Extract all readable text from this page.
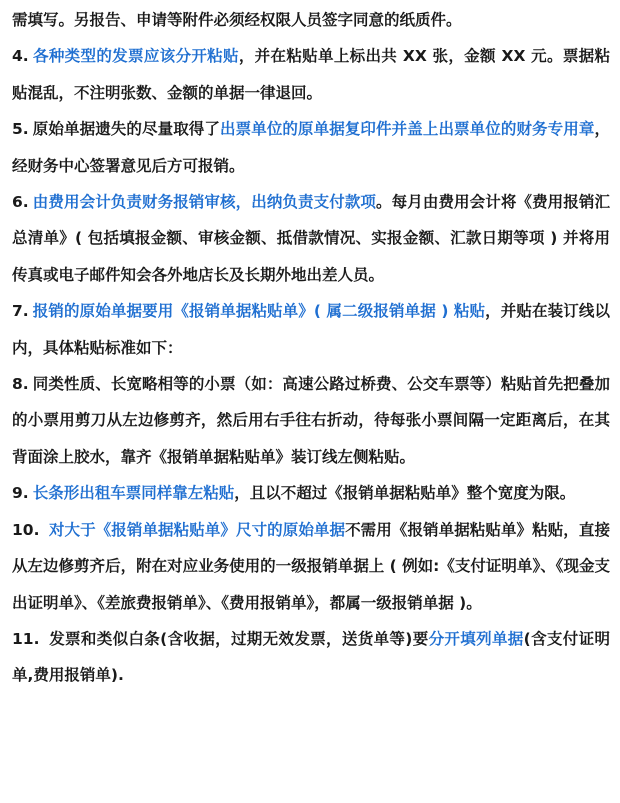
需填写。另报告、申请等附件必须经权限人员签字同意的纸质件。

4. 各种类型的发票应该分开粘贴，并在粘贴单上标出共 XX 张，金额 XX 元。票据粘贴混乱，不注明张数、金额的单据一律退回。

5. 原始单据遗失的尽量取得了出票单位的原单据复印件并盖上出票单位的财务专用章，经财务中心签署意见后方可报销。

6. 由费用会计负责财务报销审核，出纳负责支付款项。每月由费用会计将《费用报销汇总清单》( 包括填报金额、审核金额、抵借款情况、实报金额、汇款日期等项 ) 并将用传真或电子邮件知会各外地店长及长期外地出差人员。

7. 报销的原始单据要用《报销单据粘贴单》( 属二级报销单据 ) 粘贴，并贴在装订线以内，具体粘贴标准如下：

8. 同类性质、长宽略相等的小票（如：高速公路过桥费、公交车票等）粘贴首先把叠加的小票用剪刀从左边修剪齐，然后用右手往右折动，待每张小票间隔一定距离后，在其背面涂上胶水，靠齐《报销单据粘贴单》装订线左侧粘贴。

9. 长条形出租车票同样靠左粘贴，且以不超过《报销单据粘贴单》整个宽度为限。

10. 对大于《报销单据粘贴单》尺寸的原始单据不需用《报销单据粘贴单》粘贴，直接从左边修剪齐后，附在对应业务使用的一级报销单据上 ( 例如:《支付证明单》、《现金支出证明单》、《差旅费报销单》、《费用报销单》，都属一级报销单据 )。

11. 发票和类似白条(含收据，过期无效发票，送货单等)要分开填列单据(含支付证明单,费用报销单).
